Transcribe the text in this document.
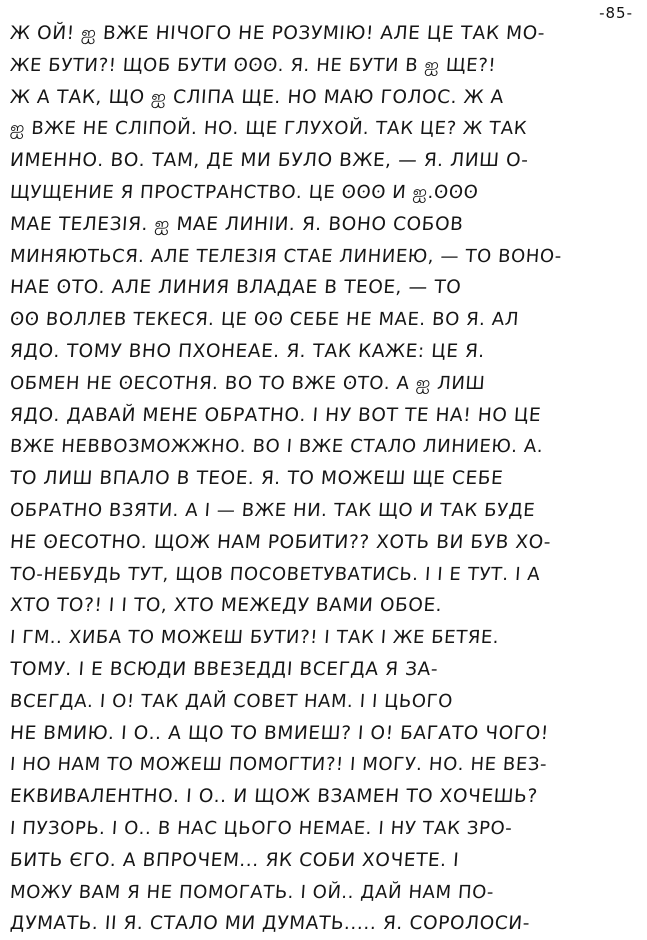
-85-
Ж ОЙ! ஐ ВЖЕ НІЧОГО НЕ РОЗУМІЮ! АЛЕ ЦЕ ТАК МО-
ЖЕ БУТИ?! ЩОБ БУТИ ʘʘʘ. Я. НЕ БУТИ В ஐ ЩЕ?!
Ж А ТАК, ЩО ஐ СЛІПА ЩЕ. НО МАЮ ГОЛОС. Ж А
ஐ ВЖЕ НЕ СЛІПОЙ. НО. ЩЕ ГЛУХОЙ. ТАК ЦЕ? Ж ТАК
ИМЕННО. ВО. ТАМ, ДЕ МИ БУЛО ВЖЕ, — Я. ЛИШ О-
ЩУЩЕНИЕ Я ПРОСТРАНСТВО. ЦЕ ʘʘʘ И ஐ.ʘʘʘ
МАЕ ТЕЛЕЗІЯ. ஐ МАЕ ЛИНІИ. Я. ВОНО СОБОВ
МИНЯЮТЬСЯ. АЛЕ ТЕЛЕЗІЯ СТАЕ ЛИНИЕЮ, — ТО ВОНО-
НАЕ ʘТО. АЛЕ ЛИНИЯ ВЛАДАЕ В ТЕОЕ, — ТО
ʘʘ ВОЛЛЕВ ТЕКЕСЯ. ЦЕ ʘʘ СЕБЕ НЕ МАЕ. ВО Я. АЛ
ЯДО. ТОМУ ВНО ПХОНЕАЕ. Я. ТАК КАЖЕ: ЦЕ Я.
ОБМЕН НЕ ʘЕСОТНЯ. ВО ТО ВЖЕ ʘТО. А ஐ ЛИШ
ЯДО. ДАВАЙ МЕНЕ ОБРАТНО. І НУ ВОТ ТЕ НА! НО ЦЕ
ВЖЕ НЕВВОЗМОЖЖНО. ВО І ВЖЕ СТАЛО ЛИНИЕЮ. А.
ТО ЛИШ ВПАЛО В ТЕОЕ. Я. ТО МОЖЕШ ЩЕ СЕБЕ
ОБРАТНО ВЗЯТИ. А І — ВЖЕ НИ. ТАК ЩО И ТАК БУДЕ
НЕ ʘЕСОТНО. ЩОЖ НАМ РОБИТИ?? ХОТЬ ВИ БУВ ХО-
ТО-НЕБУДЬ ТУТ, ЩОВ ПОСОВЕТУВАТИСЬ. І І Е ТУТ. І А
ХТО ТО?! І І ТО, ХТО МЕЖЕДУ ВАМИ ОБОЕ.
І ГМ.. ХИБА ТО МОЖЕШ БУТИ?! І ТАК І ЖЕ БЕТЯЕ.
ТОМУ. І Е ВСЮДИ ВВЕЗЕДДІ ВСЕГДА Я ЗА-
ВСЕГДА. І О! ТАК ДАЙ СОВЕТ НАМ. І І ЦЬОГО
НЕ ВМИЮ. І О.. А ЩО ТО ВМИЕШ? І О! БАГАТО ЧОГО!
І НО НАМ ТО МОЖЕШ ПОМОГТИ?! І МОГУ. НО. НЕ ВЕЗ-
ЕКВИВАЛЕНТНО. І О.. И ЩОЖ ВЗАМЕН ТО ХОЧЕШЬ?
І ПУЗОРЬ. І О.. В НАС ЦЬОГО НЕМАЕ. І НУ ТАК ЗРО-
БИТЬ ЄГО. А ВПРОЧЕМ... ЯК СОБИ ХОЧЕТЕ. І
МОЖУ ВАМ Я НЕ ПОМОГАТЬ. І ОЙ.. ДАЙ НАМ ПО-
ДУМАТЬ. ІІ Я. СТАЛО МИ ДУМАТЬ..... Я. СОРОЛОСИ-
